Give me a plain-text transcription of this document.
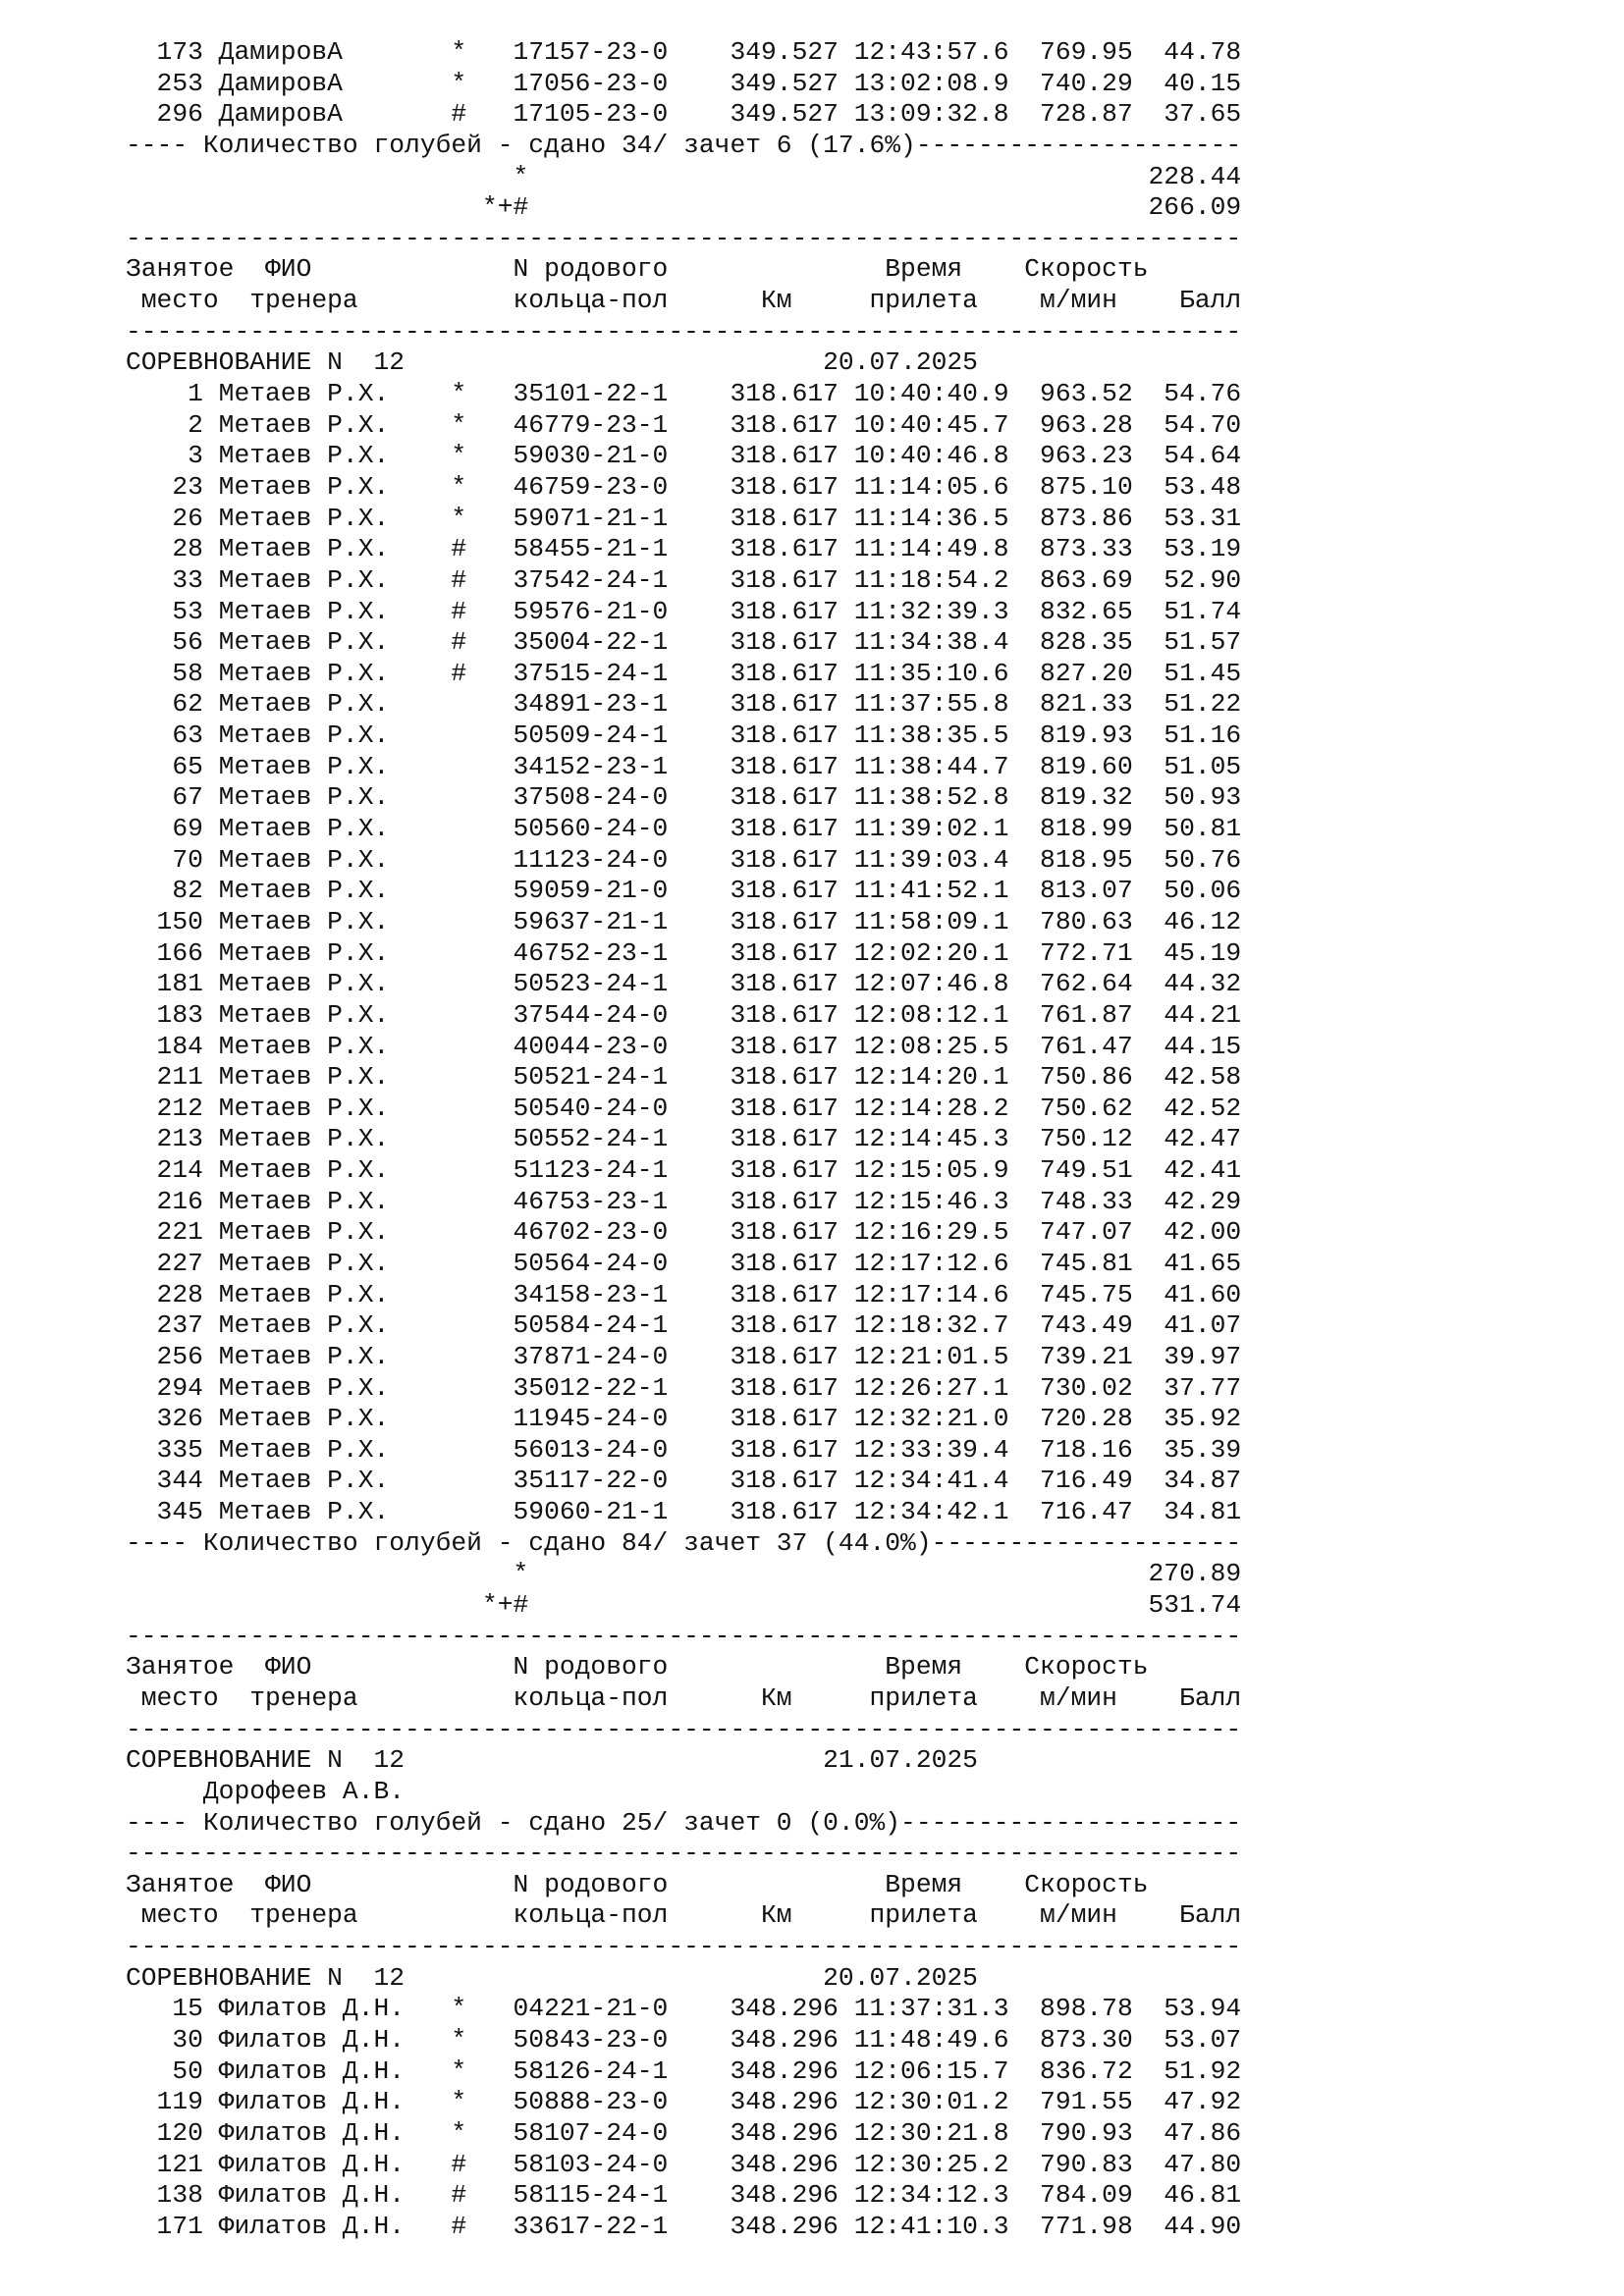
173 ДамировА       *   17157-23-0    349.527 12:43:57.6  769.95  44.78
253 ДамировА       *   17056-23-0    349.527 13:02:08.9  740.29  40.15
296 ДамировА       #   17105-23-0    349.527 13:09:32.8  728.87  37.65
---- Количество голубей - сдано 34/ зачет 6 (17.6%)---------------------
*                                        228.44
*+#                                        266.09
------------------------------------------------------------------------
Занятое  ФИО             N родового              Время    Скорость
место  тренера          кольца-пол      Км     прилета    м/мин    Балл
------------------------------------------------------------------------
СОРЕВНОВАНИЕ N  12                           20.07.2025
1 Метаев Р.Х.    *   35101-22-1    318.617 10:40:40.9  963.52  54.76
2 Метаев Р.Х.    *   46779-23-1    318.617 10:40:45.7  963.28  54.70
3 Метаев Р.Х.    *   59030-21-0    318.617 10:40:46.8  963.23  54.64
23 Метаев Р.Х.    *   46759-23-0    318.617 11:14:05.6  875.10  53.48
26 Метаев Р.Х.    *   59071-21-1    318.617 11:14:36.5  873.86  53.31
28 Метаев Р.Х.    #   58455-21-1    318.617 11:14:49.8  873.33  53.19
33 Метаев Р.Х.    #   37542-24-1    318.617 11:18:54.2  863.69  52.90
53 Метаев Р.Х.    #   59576-21-0    318.617 11:32:39.3  832.65  51.74
56 Метаев Р.Х.    #   35004-22-1    318.617 11:34:38.4  828.35  51.57
58 Метаев Р.Х.    #   37515-24-1    318.617 11:35:10.6  827.20  51.45
62 Метаев Р.Х.        34891-23-1    318.617 11:37:55.8  821.33  51.22
63 Метаев Р.Х.        50509-24-1    318.617 11:38:35.5  819.93  51.16
65 Метаев Р.Х.        34152-23-1    318.617 11:38:44.7  819.60  51.05
67 Метаев Р.Х.        37508-24-0    318.617 11:38:52.8  819.32  50.93
69 Метаев Р.Х.        50560-24-0    318.617 11:39:02.1  818.99  50.81
70 Метаев Р.Х.        11123-24-0    318.617 11:39:03.4  818.95  50.76
82 Метаев Р.Х.        59059-21-0    318.617 11:41:52.1  813.07  50.06
150 Метаев Р.Х.        59637-21-1    318.617 11:58:09.1  780.63  46.12
166 Метаев Р.Х.        46752-23-1    318.617 12:02:20.1  772.71  45.19
181 Метаев Р.Х.        50523-24-1    318.617 12:07:46.8  762.64  44.32
183 Метаев Р.Х.        37544-24-0    318.617 12:08:12.1  761.87  44.21
184 Метаев Р.Х.        40044-23-0    318.617 12:08:25.5  761.47  44.15
211 Метаев Р.Х.        50521-24-1    318.617 12:14:20.1  750.86  42.58
212 Метаев Р.Х.        50540-24-0    318.617 12:14:28.2  750.62  42.52
213 Метаев Р.Х.        50552-24-1    318.617 12:14:45.3  750.12  42.47
214 Метаев Р.Х.        51123-24-1    318.617 12:15:05.9  749.51  42.41
216 Метаев Р.Х.        46753-23-1    318.617 12:15:46.3  748.33  42.29
221 Метаев Р.Х.        46702-23-0    318.617 12:16:29.5  747.07  42.00
227 Метаев Р.Х.        50564-24-0    318.617 12:17:12.6  745.81  41.65
228 Метаев Р.Х.        34158-23-1    318.617 12:17:14.6  745.75  41.60
237 Метаев Р.Х.        50584-24-1    318.617 12:18:32.7  743.49  41.07
256 Метаев Р.Х.        37871-24-0    318.617 12:21:01.5  739.21  39.97
294 Метаев Р.Х.        35012-22-1    318.617 12:26:27.1  730.02  37.77
326 Метаев Р.Х.        11945-24-0    318.617 12:32:21.0  720.28  35.92
335 Метаев Р.Х.        56013-24-0    318.617 12:33:39.4  718.16  35.39
344 Метаев Р.Х.        35117-22-0    318.617 12:34:41.4  716.49  34.87
345 Метаев Р.Х.        59060-21-1    318.617 12:34:42.1  716.47  34.81
---- Количество голубей - сдано 84/ зачет 37 (44.0%)--------------------
*                                        270.89
*+#                                        531.74
------------------------------------------------------------------------
Занятое  ФИО             N родового              Время    Скорость
место  тренера          кольца-пол      Км     прилета    м/мин    Балл
------------------------------------------------------------------------
СОРЕВНОВАНИЕ N  12                           21.07.2025
Дорофеев А.В.
---- Количество голубей - сдано 25/ зачет 0 (0.0%)----------------------
------------------------------------------------------------------------
Занятое  ФИО             N родового              Время    Скорость
место  тренера          кольца-пол      Км     прилета    м/мин    Балл
------------------------------------------------------------------------
СОРЕВНОВАНИЕ N  12                           20.07.2025
15 Филатов Д.Н.   *   04221-21-0    348.296 11:37:31.3  898.78  53.94
30 Филатов Д.Н.   *   50843-23-0    348.296 11:48:49.6  873.30  53.07
50 Филатов Д.Н.   *   58126-24-1    348.296 12:06:15.7  836.72  51.92
119 Филатов Д.Н.   *   50888-23-0    348.296 12:30:01.2  791.55  47.92
120 Филатов Д.Н.   *   58107-24-0    348.296 12:30:21.8  790.93  47.86
121 Филатов Д.Н.   #   58103-24-0    348.296 12:30:25.2  790.83  47.80
138 Филатов Д.Н.   #   58115-24-1    348.296 12:34:12.3  784.09  46.81
171 Филатов Д.Н.   #   33617-22-1    348.296 12:41:10.3  771.98  44.90
